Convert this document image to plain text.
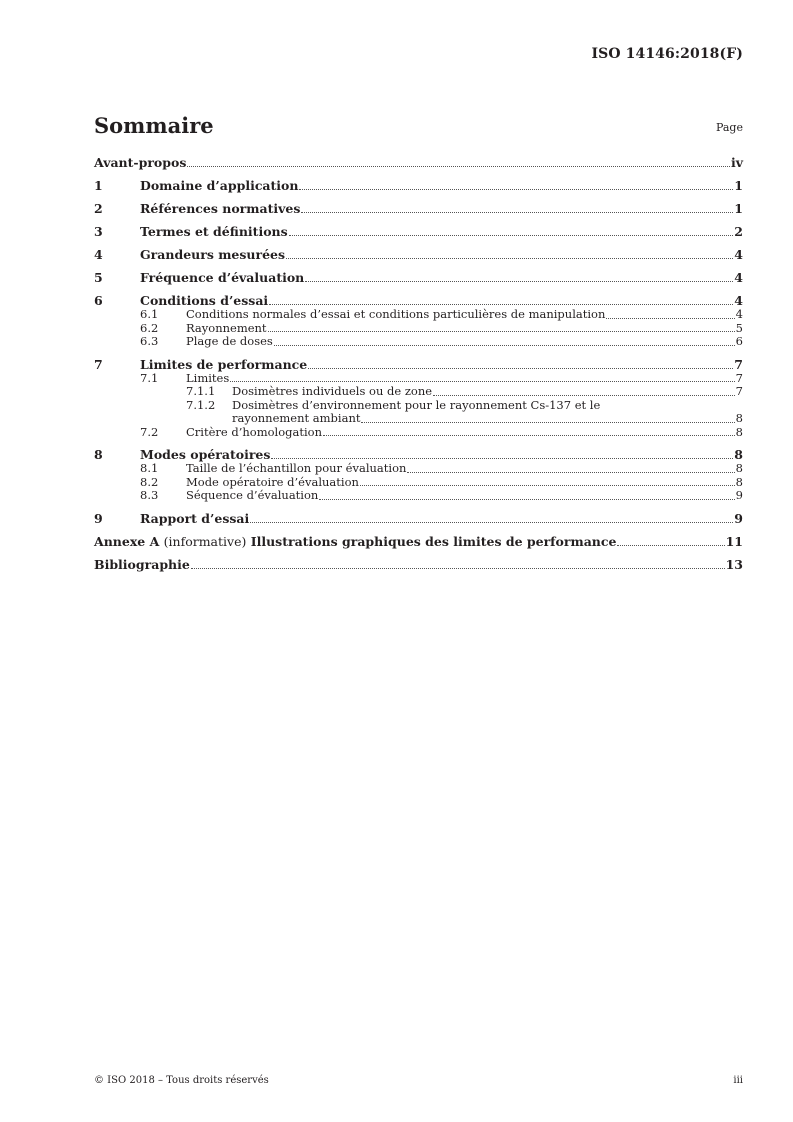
ISO 14146:2018(F)
Sommaire	Page
Avant-propos	iv
1	Domaine d’application	1
2	Références normatives	1
3	Termes et définitions	2
4	Grandeurs mesurées	4
5	Fréquence d’évaluation	4
6	Conditions d’essai	4
6.1	Conditions normales d’essai et conditions particulières de manipulation	4
6.2	Rayonnement	5
6.3	Plage de doses	6
7	Limites de performance	7
7.1	Limites	7
7.1.1	Dosimètres individuels ou de zone	7
7.1.2	Dosimètres d’environnement pour le rayonnement Cs-137 et le
rayonnement ambiant	8
7.2	Critère d’homologation	8
8	Modes opératoires	8
8.1	Taille de l’échantillon pour évaluation	8
8.2	Mode opératoire d’évaluation	8
8.3	Séquence d’évaluation	9
9	Rapport d’essai	9
Annexe A (informative) Illustrations graphiques des limites de performance	11
Bibliographie	13
© ISO 2018 – Tous droits réservés	iii
